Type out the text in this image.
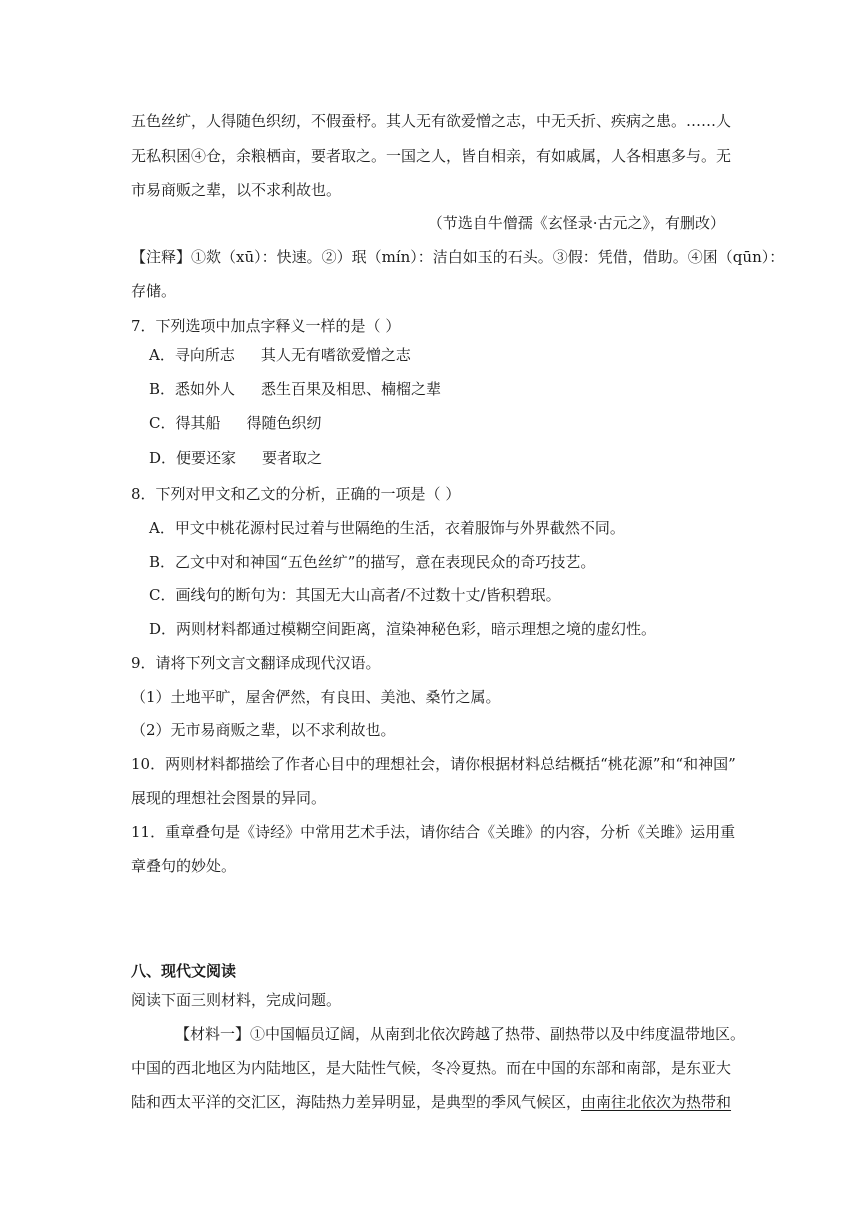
五色丝纩，人得随色织纫，不假蚕杼。其人无有欲爱憎之志，中无夭折、疾病之患。……人
无私积囷④仓，余粮栖亩，要者取之。一国之人，皆自相亲，有如戚属，人各相惠多与。无
市易商贩之辈，以不求利故也。
（节选自牛僧孺《玄怪录·古元之》，有删改）
【注释】①欻（xū）：快速。②）珉（mín）：洁白如玉的石头。③假：凭借，借助。④囷（qūn）：
存储。
7．下列选项中加点字释义一样的是（ ）
A．寻向所志 其人无有嗜欲爱憎之志
B．悉如外人 悉生百果及相思、楠榴之辈
C．得其船 得随色织纫
D．便要还家 要者取之
8．下列对甲文和乙文的分析，正确的一项是（ ）
A．甲文中桃花源村民过着与世隔绝的生活，衣着服饰与外界截然不同。
B．乙文中对和神国“五色丝纩”的描写，意在表现民众的奇巧技艺。
C．画线句的断句为：其国无大山高者/不过数十丈/皆积碧珉。
D．两则材料都通过模糊空间距离，渲染神秘色彩，暗示理想之境的虚幻性。
9．请将下列文言文翻译成现代汉语。
（1）土地平旷，屋舍俨然，有良田、美池、桑竹之属。
（2）无市易商贩之辈，以不求利故也。
10．两则材料都描绘了作者心目中的理想社会，请你根据材料总结概括“桃花源”和“和神国”
展现的理想社会图景的异同。
11．重章叠句是《诗经》中常用艺术手法，请你结合《关雎》的内容，分析《关雎》运用重
章叠句的妙处。
八、现代文阅读
阅读下面三则材料，完成问题。
【材料一】①中国幅员辽阔，从南到北依次跨越了热带、副热带以及中纬度温带地区。
中国的西北地区为内陆地区，是大陆性气候，冬冷夏热。而在中国的东部和南部，是东亚大
陆和西太平洋的交汇区，海陆热力差异明显，是典型的季风气候区，由南往北依次为热带和
